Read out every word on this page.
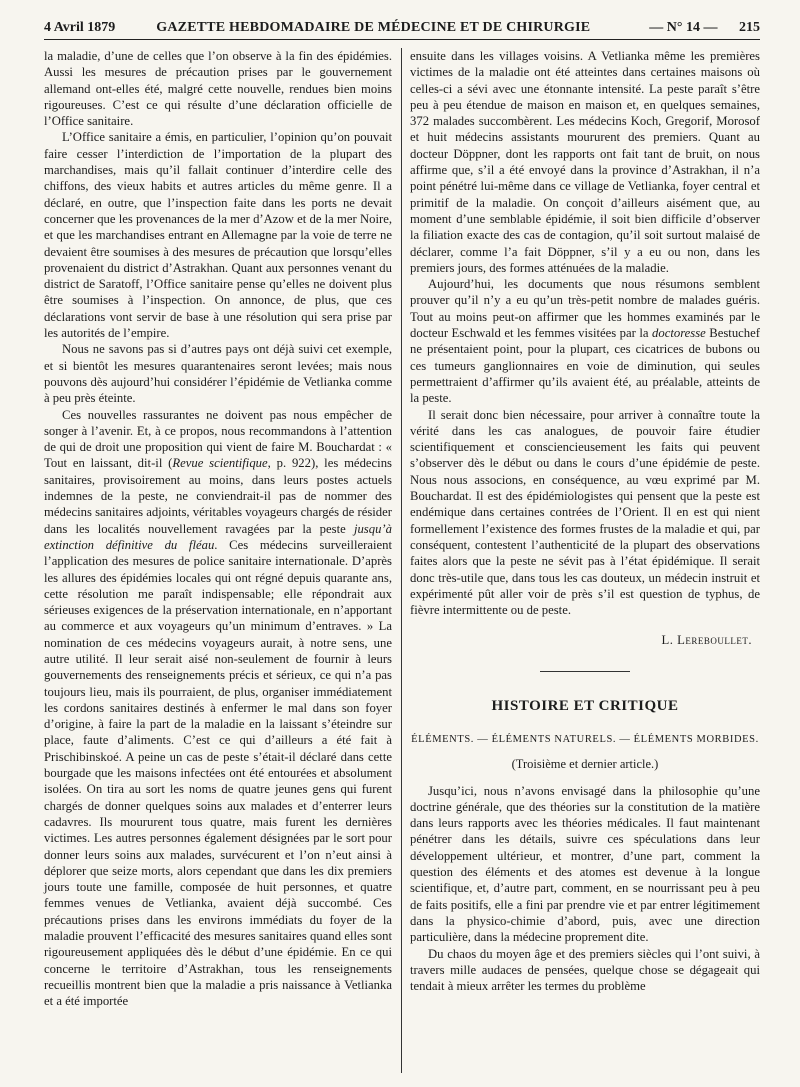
4 Avril 1879	GAZETTE HEBDOMADAIRE DE MÉDECINE ET DE CHIRURGIE	— N° 14 — 215

la maladie, d’une de celles que l’on observe à la fin des épidémies. Aussi les mesures de précaution prises par le gouvernement allemand ont-elles été, malgré cette nouvelle, rendues bien moins rigoureuses. C’est ce qui résulte d’une déclaration officielle de l’Office sanitaire.

L’Office sanitaire a émis, en particulier, l’opinion qu’on pouvait faire cesser l’interdiction de l’importation de la plupart des marchandises, mais qu’il fallait continuer d’interdire celle des chiffons, des vieux habits et autres articles du même genre. Il a déclaré, en outre, que l’inspection faite dans les ports ne devait concerner que les provenances de la mer d’Azow et de la mer Noire, et que les marchandises entrant en Allemagne par la voie de terre ne devaient être soumises à des mesures de précaution que lorsqu’elles provenaient du district d’Astrakhan. Quant aux personnes venant du district de Saratoff, l’Office sanitaire pense qu’elles ne doivent plus être soumises à l’inspection. On annonce, de plus, que ces déclarations vont servir de base à une résolution qui sera prise par les autorités de l’empire.

Nous ne savons pas si d’autres pays ont déjà suivi cet exemple, et si bientôt les mesures quarantenaires seront levées; mais nous pouvons dès aujourd’hui considérer l’épidémie de Vetlianka comme à peu près éteinte.

Ces nouvelles rassurantes ne doivent pas nous empêcher de songer à l’avenir. Et, à ce propos, nous recommandons à l’attention de qui de droit une proposition qui vient de faire M. Bouchardat : « Tout en laissant, dit-il (Revue scientifique, p. 922), les médecins sanitaires, provisoirement au moins, dans leurs postes actuels indemnes de la peste, ne conviendrait-il pas de nommer des médecins sanitaires adjoints, véritables voyageurs chargés de résider dans les localités nouvellement ravagées par la peste jusqu’à extinction définitive du fléau. Ces médecins surveilleraient l’application des mesures de police sanitaire internationale. D’après les allures des épidémies locales qui ont régné depuis quarante ans, cette résolution me paraît indispensable; elle répondrait aux sérieuses exigences de la préservation internationale, en n’apportant au commerce et aux voyageurs qu’un minimum d’entraves. » La nomination de ces médecins voyageurs aurait, à notre sens, une autre utilité. Il leur serait aisé non-seulement de fournir à leurs gouvernements des renseignements précis et sérieux, ce qui n’a pas toujours lieu, mais ils pourraient, de plus, organiser immédiatement les cordons sanitaires destinés à enfermer le mal dans son foyer d’origine, à faire la part de la maladie en la laissant s’éteindre sur place, faute d’aliments. C’est ce qui d’ailleurs a été fait à Prischibinskoé. A peine un cas de peste s’était-il déclaré dans cette bourgade que les maisons infectées ont été entourées et absolument isolées. On tira au sort les noms de quatre jeunes gens qui furent chargés de donner quelques soins aux malades et d’enterrer leurs cadavres. Ils moururent tous quatre, mais furent les dernières victimes. Les autres personnes également désignées par le sort pour donner leurs soins aux malades, survécurent et l’on n’eut ainsi à déplorer que seize morts, alors cependant que dans les dix premiers jours toute une famille, composée de huit personnes, et quatre femmes venues de Vetlianka, avaient déjà succombé. Ces précautions prises dans les environs immédiats du foyer de la maladie prouvent l’efficacité des mesures sanitaires quand elles sont rigoureusement appliquées dès le début d’une épidémie. En ce qui concerne le territoire d’Astrakhan, tous les renseignements recueillis montrent bien que la maladie a pris naissance à Vetlianka et a été importée

ensuite dans les villages voisins. A Vetlianka même les premières victimes de la maladie ont été atteintes dans certaines maisons où celles-ci a sévi avec une étonnante intensité. La peste paraît s’être peu à peu étendue de maison en maison et, en quelques semaines, 372 malades succombèrent. Les médecins Koch, Gregorif, Morosof et huit médecins assistants moururent des premiers. Quant au docteur Döppner, dont les rapports ont fait tant de bruit, on nous affirme que, s’il a été envoyé dans la province d’Astrakhan, il n’a point pénétré lui-même dans ce village de Vetlianka, foyer central et primitif de la maladie. On conçoit d’ailleurs aisément que, au moment d’une semblable épidémie, il soit bien difficile d’observer la filiation exacte des cas de contagion, qu’il soit surtout malaisé de déclarer, comme l’a fait Döppner, s’il y a eu ou non, dans les premiers jours, des formes atténuées de la maladie.

Aujourd’hui, les documents que nous résumons semblent prouver qu’il n’y a eu qu’un très-petit nombre de malades guéris. Tout au moins peut-on affirmer que les hommes examinés par le docteur Eschwald et les femmes visitées par la doctoresse Bestuchef ne présentaient point, pour la plupart, ces cicatrices de bubons ou ces tumeurs ganglionnaires en voie de diminution, qui seules permettraient d’affirmer qu’ils avaient été, au préalable, atteints de la peste.

Il serait donc bien nécessaire, pour arriver à connaître toute la vérité dans les cas analogues, de pouvoir faire étudier scientifiquement et consciencieusement les faits qui peuvent s’observer dès le début ou dans le cours d’une épidémie de peste. Nous nous associons, en conséquence, au vœu exprimé par M. Bouchardat. Il est des épidémiologistes qui pensent que la peste est endémique dans certaines contrées de l’Orient. Il en est qui nient formellement l’existence des formes frustes de la maladie et qui, par conséquent, contestent l’authenticité de la plupart des observations faites alors que la peste ne sévit pas à l’état épidémique. Il serait donc très-utile que, dans tous les cas douteux, un médecin instruit et expérimenté pût aller voir de près s’il est question de typhus, de fièvre intermittente ou de peste.

L. Lereboullet.
HISTOIRE ET CRITIQUE
ÉLÉMENTS. — ÉLÉMENTS NATURELS. — ÉLÉMENTS MORBIDES.
(Troisième et dernier article.)

Jusqu’ici, nous n’avons envisagé dans la philosophie qu’une doctrine générale, que des théories sur la constitution de la matière dans leurs rapports avec les théories médicales. Il faut maintenant pénétrer dans les détails, suivre ces spéculations dans leur développement ultérieur, et montrer, d’une part, comment la question des éléments et des atomes est devenue à la longue scientifique, et, d’autre part, comment, en se nourrissant peu à peu de faits positifs, elle a fini par prendre vie et par entrer légitimement dans la physico-chimie d’abord, puis, avec une direction particulière, dans la médecine proprement dite.

Du chaos du moyen âge et des premiers siècles qui l’ont suivi, à travers mille audaces de pensées, quelque chose se dégageait qui tendait à mieux arrêter les termes du problème
